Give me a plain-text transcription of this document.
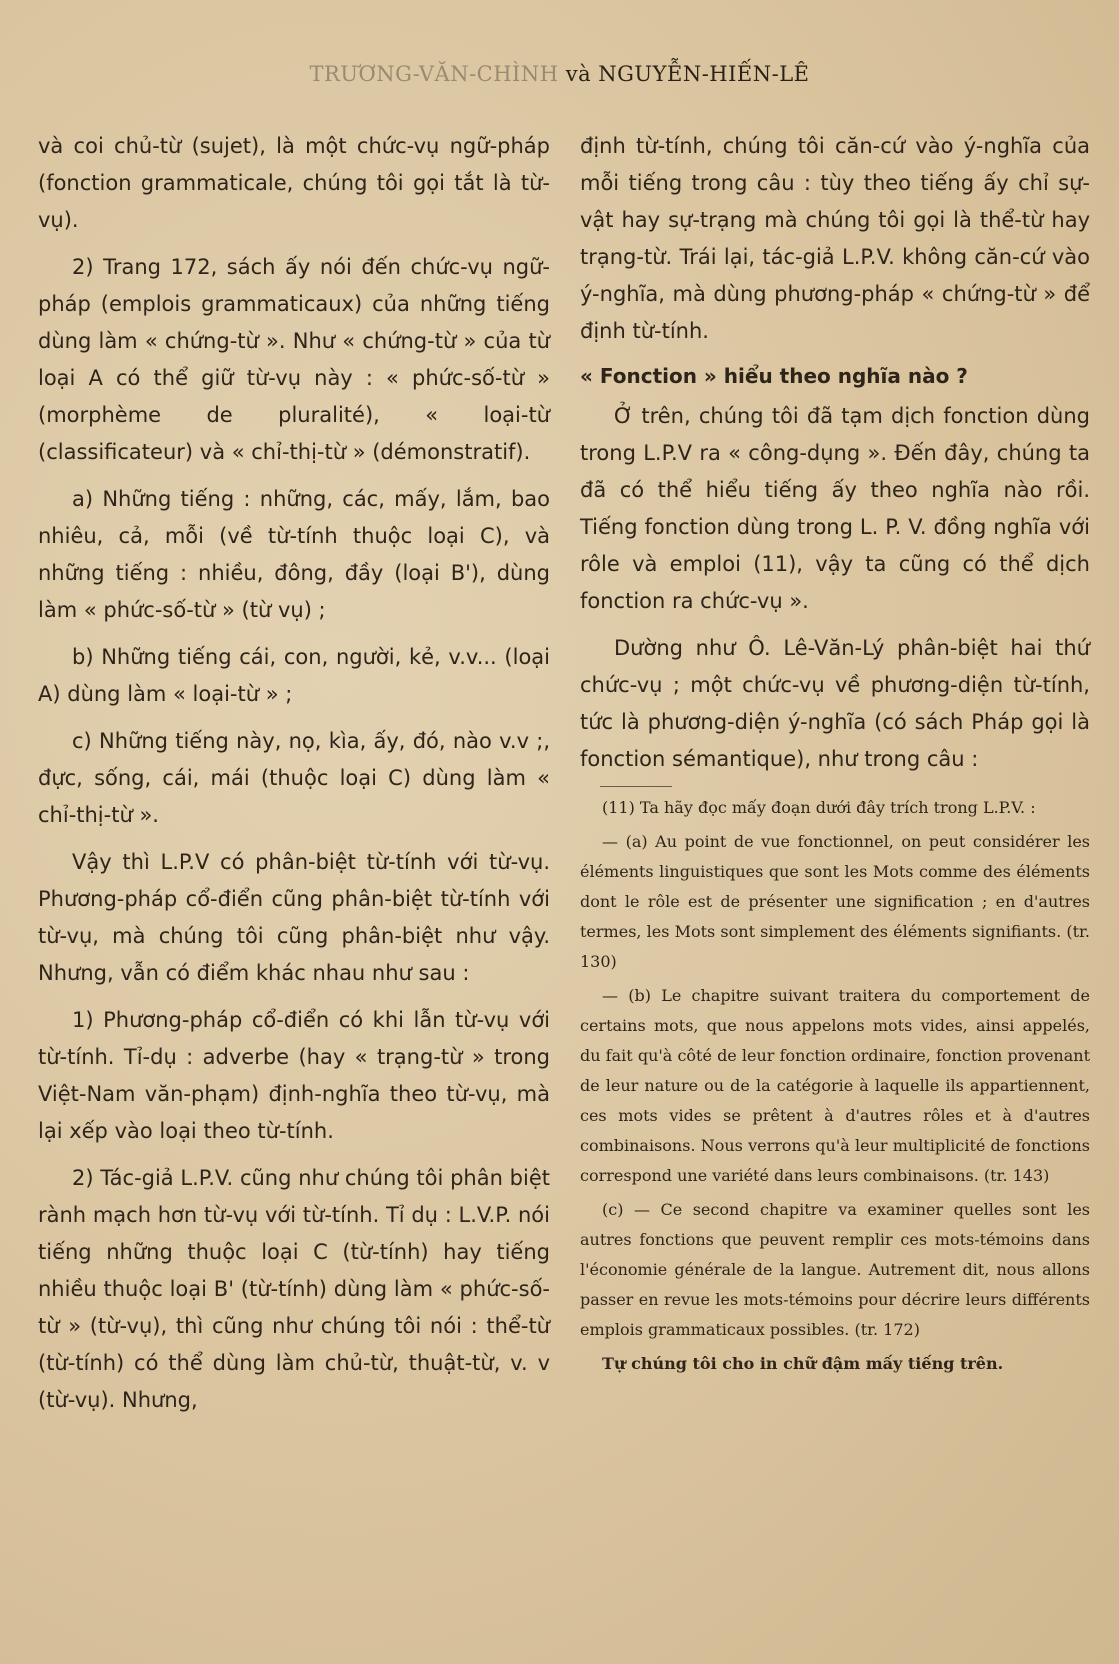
TRƯƠNG-VĂN-CHÌNH và NGUYỄN-HIẾN-LÊ

và coi chủ-từ (sujet), là một chức-vụ ngữ-pháp (fonction grammaticale, chúng tôi gọi tắt là từ-vụ).

2) Trang 172, sách ấy nói đến chức-vụ ngữ-pháp (emplois grammaticaux) của những tiếng dùng làm « chứng-từ ». Như « chứng-từ » của từ loại A có thể giữ từ-vụ này : « phức-số-từ » (morphème de pluralité), « loại-từ (classificateur) và « chỉ-thị-từ » (démonstratif).

a) Những tiếng : những, các, mấy, lắm, bao nhiêu, cả, mỗi (về từ-tính thuộc loại C), và những tiếng : nhiều, đông, đầy (loại B'), dùng làm « phức-số-từ » (từ vụ) ;

b) Những tiếng cái, con, người, kẻ, v.v... (loại A) dùng làm « loại-từ » ;

c) Những tiếng này, nọ, kìa, ấy, đó, nào v.v ;, đực, sống, cái, mái (thuộc loại C) dùng làm « chỉ-thị-từ ».

Vậy thì L.P.V có phân-biệt từ-tính với từ-vụ. Phương-pháp cổ-điển cũng phân-biệt từ-tính với từ-vụ, mà chúng tôi cũng phân-biệt như vậy. Nhưng, vẫn có điểm khác nhau như sau :

1) Phương-pháp cổ-điển có khi lẫn từ-vụ với từ-tính. Tỉ-dụ : adverbe (hay « trạng-từ » trong Việt-Nam văn-phạm) định-nghĩa theo từ-vụ, mà lại xếp vào loại theo từ-tính.

2) Tác-giả L.P.V. cũng như chúng tôi phân biệt rành mạch hơn từ-vụ với từ-tính. Tỉ dụ : L.V.P. nói tiếng những thuộc loại C (từ-tính) hay tiếng nhiều thuộc loại B' (từ-tính) dùng làm « phức-số-từ » (từ-vụ), thì cũng như chúng tôi nói : thể-từ (từ-tính) có thể dùng làm chủ-từ, thuật-từ, v. v (từ-vụ). Nhưng,

định từ-tính, chúng tôi căn-cứ vào ý-nghĩa của mỗi tiếng trong câu : tùy theo tiếng ấy chỉ sự-vật hay sự-trạng mà chúng tôi gọi là thể-từ hay trạng-từ. Trái lại, tác-giả L.P.V. không căn-cứ vào ý-nghĩa, mà dùng phương-pháp « chứng-từ » để định từ-tính.

« Fonction » hiểu theo nghĩa nào ?

Ở trên, chúng tôi đã tạm dịch fonction dùng trong L.P.V ra « công-dụng ». Đến đây, chúng ta đã có thể hiểu tiếng ấy theo nghĩa nào rồi. Tiếng fonction dùng trong L. P. V. đồng nghĩa với rôle và emploi (11), vậy ta cũng có thể dịch fonction ra chức-vụ ».

Dường như Ô. Lê-Văn-Lý phân-biệt hai thứ chức-vụ ; một chức-vụ về phương-diện từ-tính, tức là phương-diện ý-nghĩa (có sách Pháp gọi là fonction sémantique), như trong câu :

(11) Ta hãy đọc mấy đoạn dưới đây trích trong L.P.V. :

— (a) Au point de vue fonctionnel, on peut considérer les éléments linguistiques que sont les Mots comme des éléments dont le rôle est de présenter une signification ; en d'autres termes, les Mots sont simplement des éléments signifiants. (tr. 130)

— (b) Le chapitre suivant traitera du comportement de certains mots, que nous appelons mots vides, ainsi appelés, du fait qu'à côté de leur fonction ordinaire, fonction provenant de leur nature ou de la catégorie à laquelle ils appartiennent, ces mots vides se prêtent à d'autres rôles et à d'autres combinaisons. Nous verrons qu'à leur multiplicité de fonctions correspond une variété dans leurs combinaisons. (tr. 143)

(c) — Ce second chapitre va examiner quelles sont les autres fonctions que peuvent remplir ces mots-témoins dans l'économie générale de la langue. Autrement dit, nous allons passer en revue les mots-témoins pour décrire leurs différents emplois grammaticaux possibles. (tr. 172)

Tự chúng tôi cho in chữ đậm mấy tiếng trên.
